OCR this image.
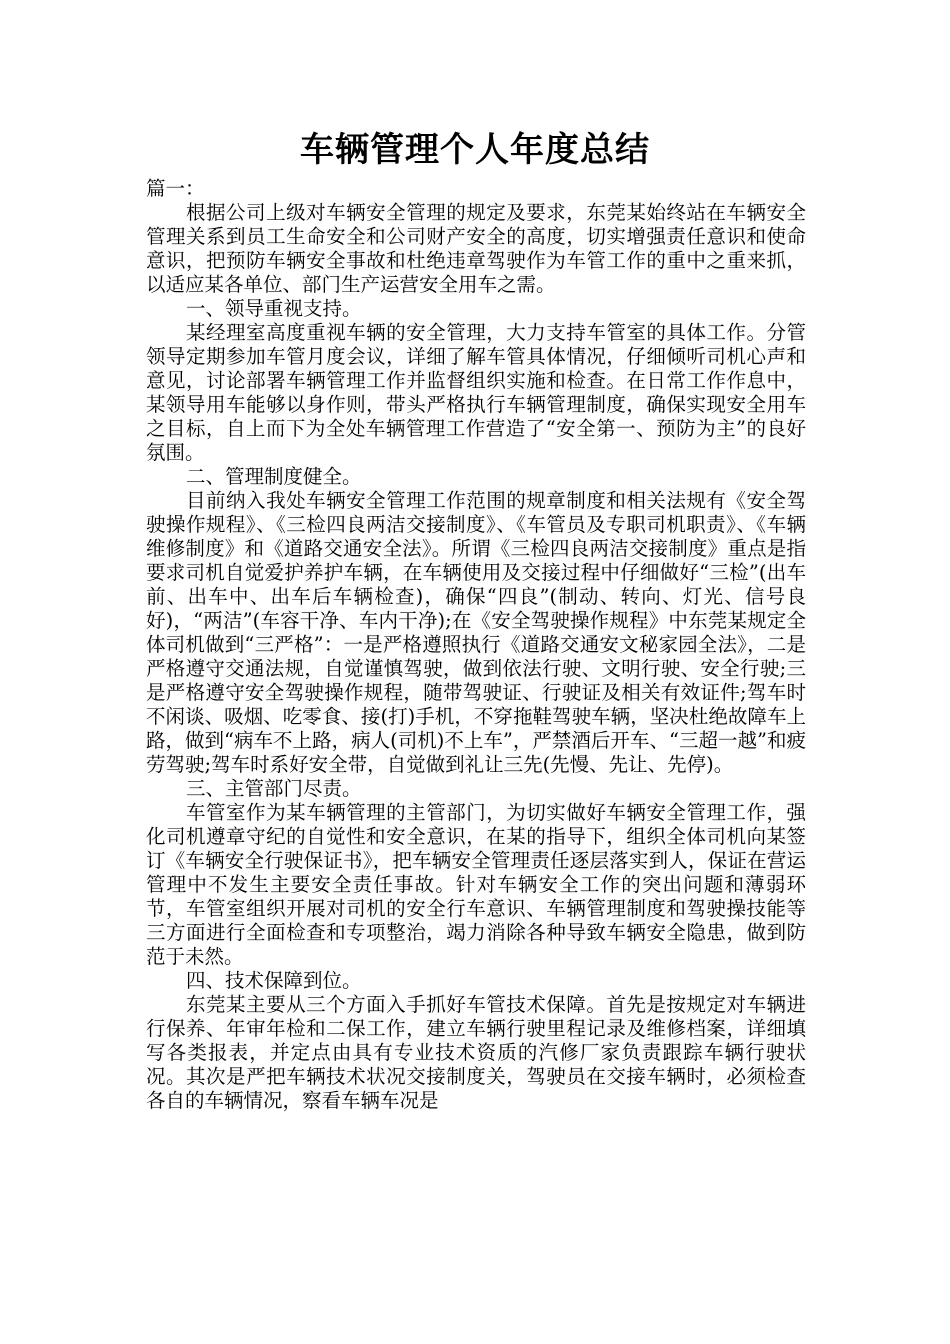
车辆管理个人年度总结

篇一：

根据公司上级对车辆安全管理的规定及要求，东莞某始终站在车辆安全管理关系到员工生命安全和公司财产安全的高度，切实增强责任意识和使命意识，把预防车辆安全事故和杜绝违章驾驶作为车管工作的重中之重来抓，以适应某各单位、部门生产运营安全用车之需。

一、领导重视支持。

某经理室高度重视车辆的安全管理，大力支持车管室的具体工作。分管领导定期参加车管月度会议，详细了解车管具体情况，仔细倾听司机心声和意见，讨论部署车辆管理工作并监督组织实施和检查。在日常工作作息中，某领导用车能够以身作则，带头严格执行车辆管理制度，确保实现安全用车之目标，自上而下为全处车辆管理工作营造了“安全第一、预防为主”的良好氛围。

二、管理制度健全。

目前纳入我处车辆安全管理工作范围的规章制度和相关法规有《安全驾驶操作规程》、《三检四良两洁交接制度》、《车管员及专职司机职责》、《车辆维修制度》和《道路交通安全法》。所谓《三检四良两洁交接制度》重点是指要求司机自觉爱护养护车辆，在车辆使用及交接过程中仔细做好“三检”(出车前、出车中、出车后车辆检查)，确保“四良”(制动、转向、灯光、信号良好)，“两洁”(车容干净、车内干净);在《安全驾驶操作规程》中东莞某规定全体司机做到“三严格”：一是严格遵照执行《道路交通安文秘家园全法》，二是严格遵守交通法规，自觉谨慎驾驶，做到依法行驶、文明行驶、安全行驶;三是严格遵守安全驾驶操作规程，随带驾驶证、行驶证及相关有效证件;驾车时不闲谈、吸烟、吃零食、接(打)手机，不穿拖鞋驾驶车辆，坚决杜绝故障车上路，做到“病车不上路，病人(司机)不上车”，严禁酒后开车、“三超一越”和疲劳驾驶;驾车时系好安全带，自觉做到礼让三先(先慢、先让、先停)。

三、主管部门尽责。

车管室作为某车辆管理的主管部门，为切实做好车辆安全管理工作，强化司机遵章守纪的自觉性和安全意识，在某的指导下，组织全体司机向某签订《车辆安全行驶保证书》，把车辆安全管理责任逐层落实到人，保证在营运管理中不发生主要安全责任事故。针对车辆安全工作的突出问题和薄弱环节，车管室组织开展对司机的安全行车意识、车辆管理制度和驾驶操技能等三方面进行全面检查和专项整治，竭力消除各种导致车辆安全隐患，做到防范于未然。

四、技术保障到位。

东莞某主要从三个方面入手抓好车管技术保障。首先是按规定对车辆进行保养、年审年检和二保工作，建立车辆行驶里程记录及维修档案，详细填写各类报表，并定点由具有专业技术资质的汽修厂家负责跟踪车辆行驶状况。其次是严把车辆技术状况交接制度关，驾驶员在交接车辆时，必须检查各自的车辆情况，察看车辆车况是
